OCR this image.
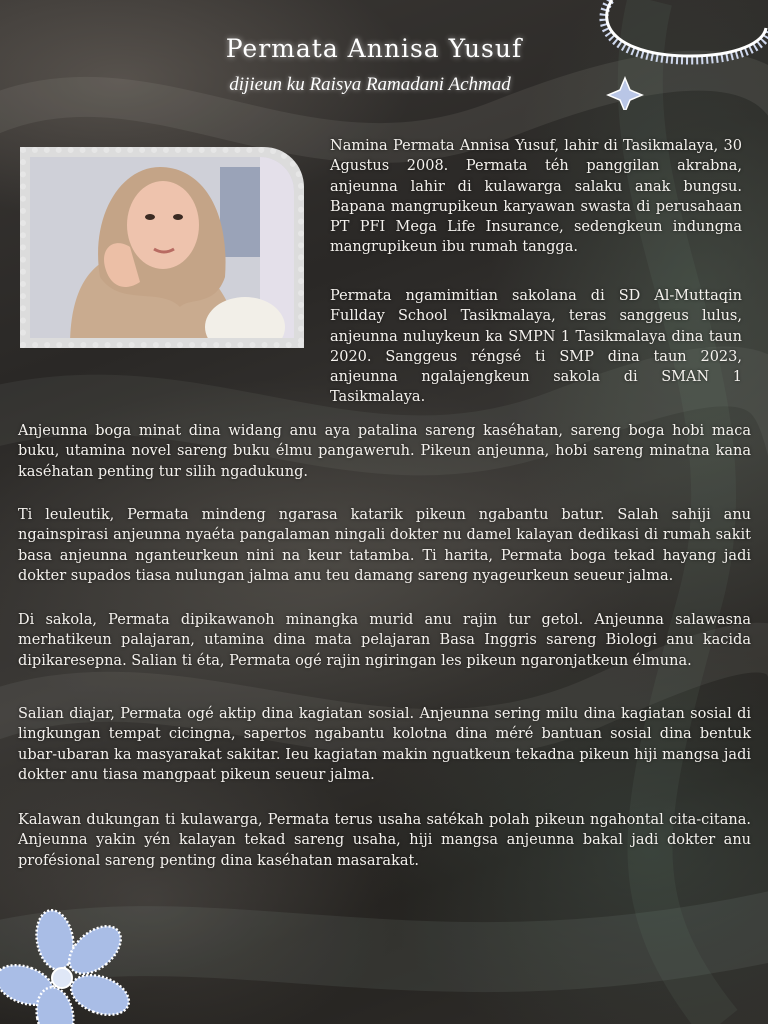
Permata Annisa Yusuf
dijieun ku Raisya Ramadani Achmad

Namina Permata Annisa Yusuf, lahir di Tasikmalaya, 30 Agustus 2008. Permata téh panggilan akrabna, anjeunna lahir di kulawarga salaku anak bungsu. Bapana mangrupikeun karyawan swasta di perusahaan PT PFI Mega Life Insurance, sedengkeun indungna mangrupikeun ibu rumah tangga.

Permata ngamimitian sakolana di SD Al-Muttaqin Fullday School Tasikmalaya, teras sanggeus lulus, anjeunna nuluykeun ka SMPN 1 Tasikmalaya dina taun 2020. Sanggeus réngsé ti SMP dina taun 2023, anjeunna ngalajengkeun sakola di SMAN 1 Tasikmalaya.

Anjeunna boga minat dina widang anu aya patalina sareng kaséhatan, sareng boga hobi maca buku, utamina novel sareng buku élmu pangaweruh. Pikeun anjeunna, hobi sareng minatna kana kaséhatan penting tur silih ngadukung.

Ti leuleutik, Permata mindeng ngarasa katarik pikeun ngabantu batur. Salah sahiji anu ngainspirasi anjeunna nyaéta pangalaman ningali dokter nu damel kalayan dedikasi di rumah sakit basa anjeunna nganteurkeun nini na keur tatamba. Ti harita, Permata boga tekad hayang jadi dokter supados tiasa nulungan jalma anu teu damang sareng nyageurkeun seueur jalma.

Di sakola, Permata dipikawanoh minangka murid anu rajin tur getol. Anjeunna salawasna merhatikeun palajaran, utamina dina mata pelajaran Basa Inggris sareng Biologi anu kacida dipikaresepna. Salian ti éta, Permata ogé rajin ngiringan les pikeun ngaronjatkeun élmuna.

Salian diajar, Permata ogé aktip dina kagiatan sosial. Anjeunna sering milu dina kagiatan sosial di lingkungan tempat cicingna, sapertos ngabantu kolotna dina méré bantuan sosial dina bentuk ubar-ubaran ka masyarakat sakitar. Ieu kagiatan makin nguatkeun tekadna pikeun hiji mangsa jadi dokter anu tiasa mangpaat pikeun seueur jalma.

Kalawan dukungan ti kulawarga, Permata terus usaha satékah polah pikeun ngahontal cita-citana. Anjeunna yakin yén kalayan tekad sareng usaha, hiji mangsa anjeunna bakal jadi dokter anu profésional sareng penting dina kaséhatan masarakat.
